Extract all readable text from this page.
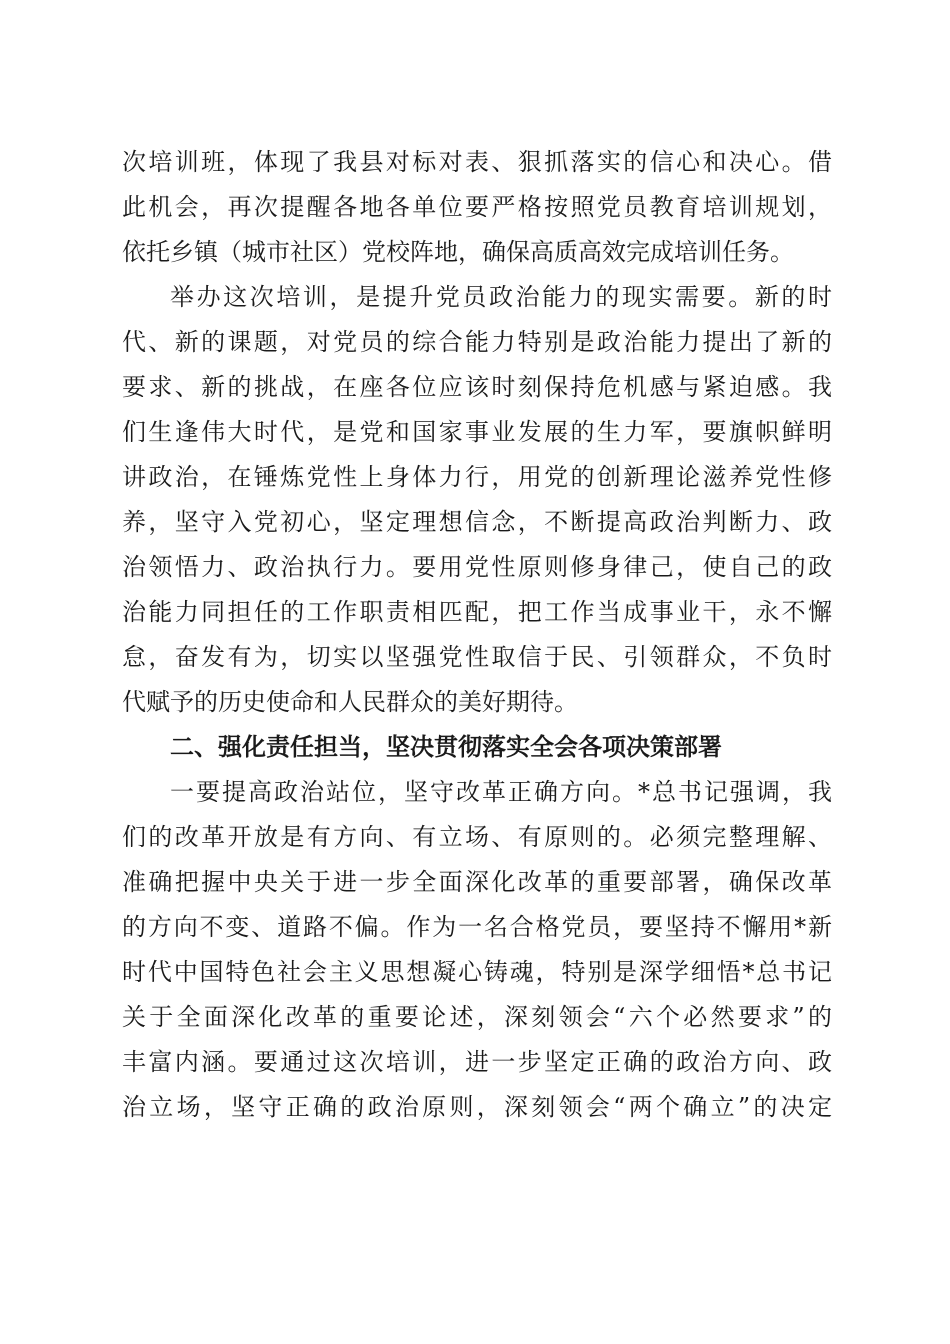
次培训班，体现了我县对标对表、狠抓落实的信心和决心。借
此机会，再次提醒各地各单位要严格按照党员教育培训规划，
依托乡镇（城市社区）党校阵地，确保高质高效完成培训任务。
举办这次培训，是提升党员政治能力的现实需要。新的时
代、新的课题，对党员的综合能力特别是政治能力提出了新的
要求、新的挑战，在座各位应该时刻保持危机感与紧迫感。我
们生逢伟大时代，是党和国家事业发展的生力军，要旗帜鲜明
讲政治，在锤炼党性上身体力行，用党的创新理论滋养党性修
养，坚守入党初心，坚定理想信念，不断提高政治判断力、政
治领悟力、政治执行力。要用党性原则修身律己，使自己的政
治能力同担任的工作职责相匹配，把工作当成事业干，永不懈
怠，奋发有为，切实以坚强党性取信于民、引领群众，不负时
代赋予的历史使命和人民群众的美好期待。
二、强化责任担当，坚决贯彻落实全会各项决策部署
一要提高政治站位，坚守改革正确方向。*总书记强调，我
们的改革开放是有方向、有立场、有原则的。必须完整理解、
准确把握中央关于进一步全面深化改革的重要部署，确保改革
的方向不变、道路不偏。作为一名合格党员，要坚持不懈用*新
时代中国特色社会主义思想凝心铸魂，特别是深学细悟*总书记
关于全面深化改革的重要论述，深刻领会“六个必然要求”的
丰富内涵。要通过这次培训，进一步坚定正确的政治方向、政
治立场，坚守正确的政治原则，深刻领会“两个确立”的决定
